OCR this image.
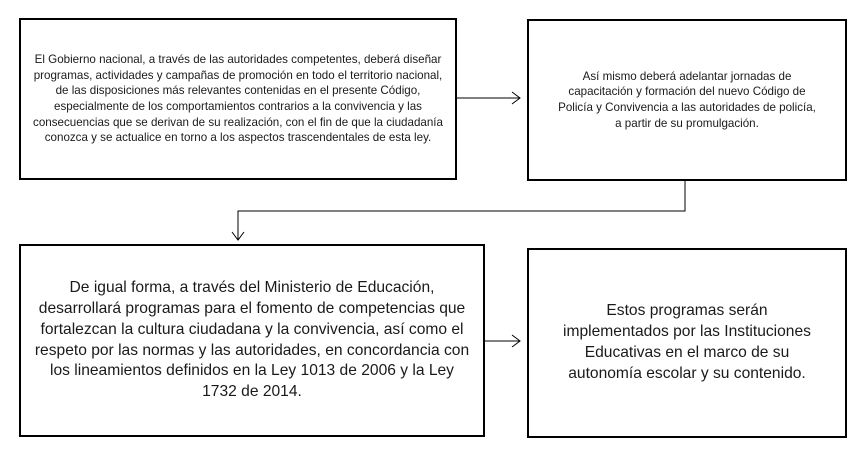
El Gobierno nacional, a través de las autoridades competentes, deberá diseñar programas, actividades y campañas de promoción en todo el territorio nacional, de las disposiciones más relevantes contenidas en el presente Código, especialmente de los comportamientos contrarios a la convivencia y las consecuencias que se derivan de su realización, con el fin de que la ciudadanía conozca y se actualice en torno a los aspectos trascendentales de esta ley.
Así mismo deberá adelantar jornadas de capacitación y formación del nuevo Código de Policía y Convivencia a las autoridades de policía, a partir de su promulgación.
De igual forma, a través del Ministerio de Educación, desarrollará programas para el fomento de competencias que fortalezcan la cultura ciudadana y la convivencia, así como el respeto por las normas y las autoridades, en concordancia con los lineamientos definidos en la Ley 1013 de 2006 y la Ley 1732 de 2014.
Estos programas serán implementados por las Instituciones Educativas en el marco de su autonomía escolar y su contenido.
